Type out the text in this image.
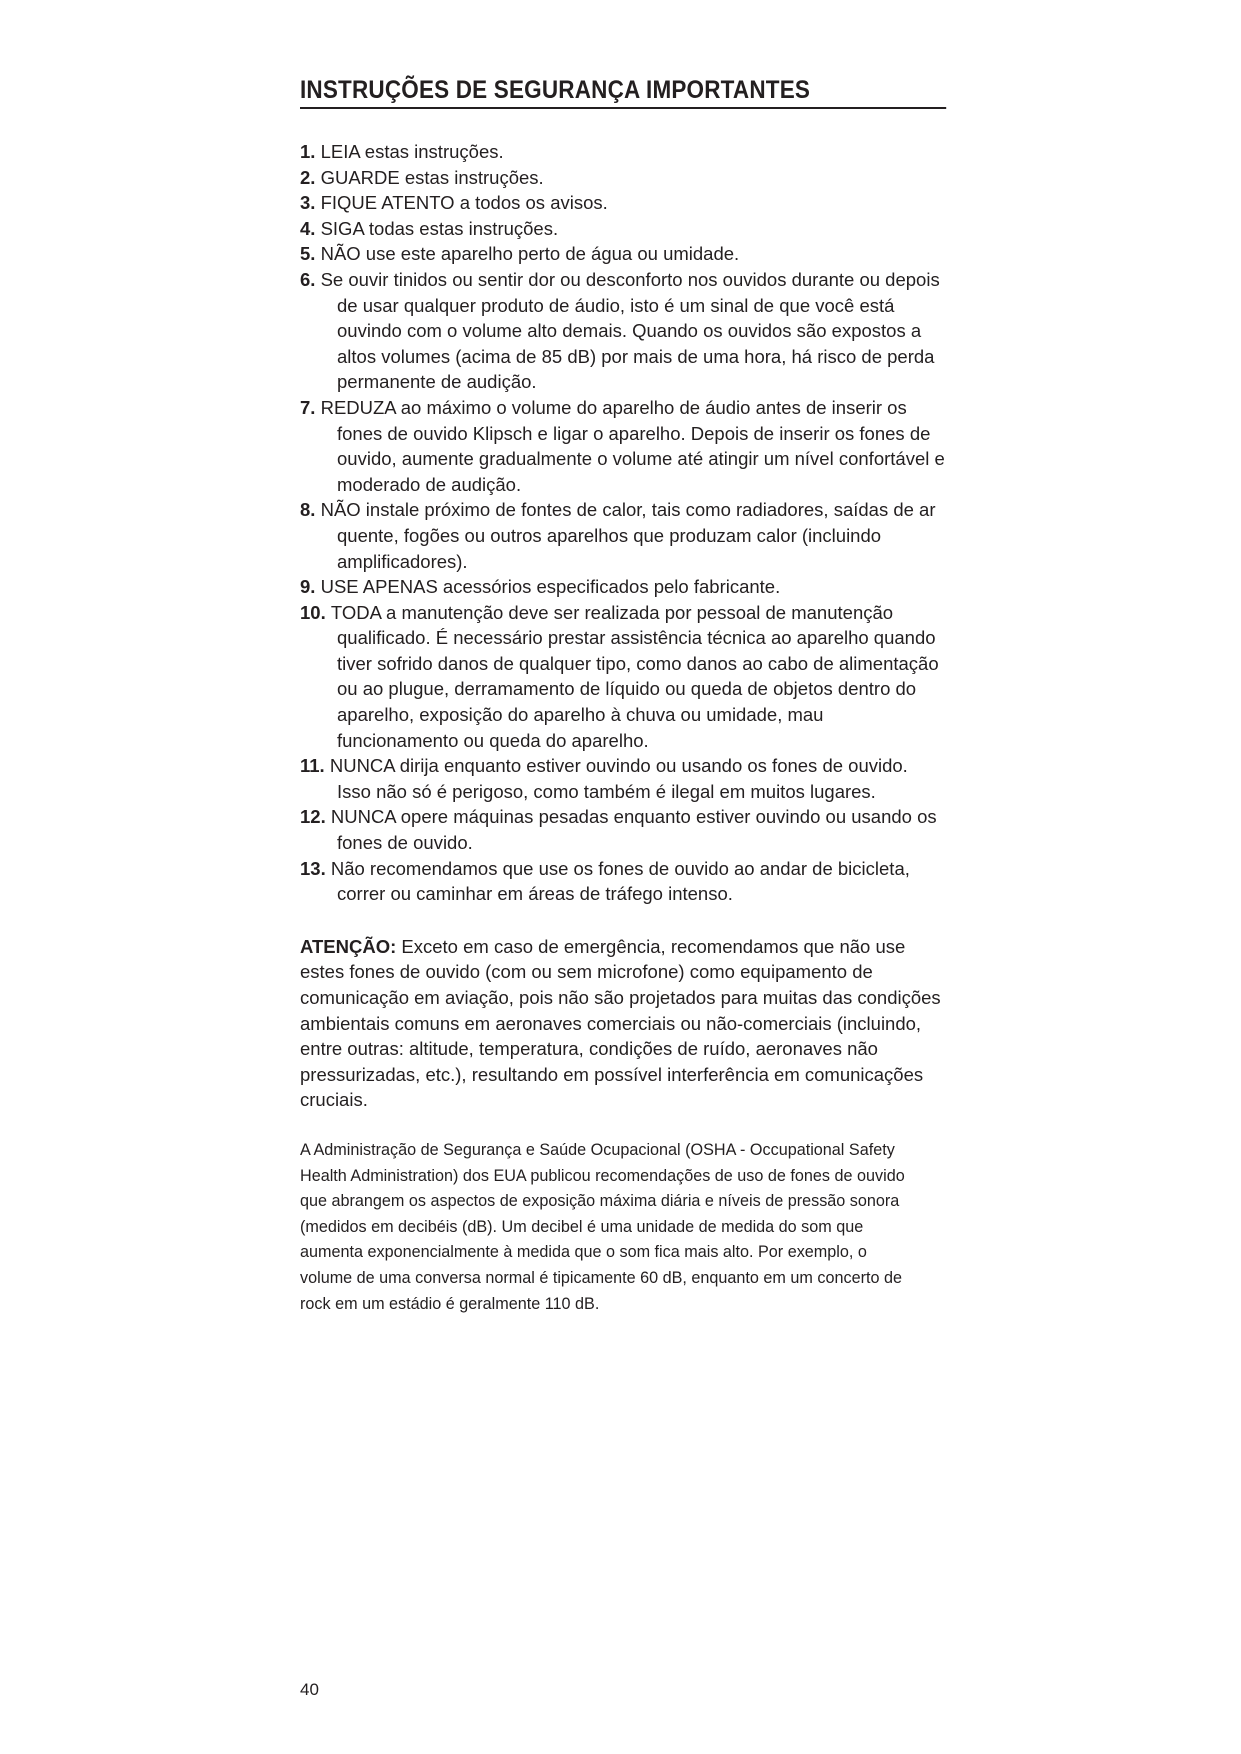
INSTRUÇÕES DE SEGURANÇA IMPORTANTES
1. LEIA estas instruções.
2. GUARDE estas instruções.
3. FIQUE ATENTO a todos os avisos.
4. SIGA todas estas instruções.
5. NÃO use este aparelho perto de água ou umidade.
6. Se ouvir tinidos ou sentir dor ou desconforto nos ouvidos durante ou depois de usar qualquer produto de áudio, isto é um sinal de que você está ouvindo com o volume alto demais. Quando os ouvidos são expostos a altos volumes (acima de 85 dB) por mais de uma hora, há risco de perda permanente de audição.
7. REDUZA ao máximo o volume do aparelho de áudio antes de inserir os fones de ouvido Klipsch e ligar o aparelho. Depois de inserir os fones de ouvido, aumente gradualmente o volume até atingir um nível confortável e moderado de audição.
8. NÃO instale próximo de fontes de calor, tais como radiadores, saídas de ar quente, fogões ou outros aparelhos que produzam calor (incluindo amplificadores).
9. USE APENAS acessórios especificados pelo fabricante.
10. TODA a manutenção deve ser realizada por pessoal de manutenção qualificado. É necessário prestar assistência técnica ao aparelho quando tiver sofrido danos de qualquer tipo, como danos ao cabo de alimentação ou ao plugue, derramamento de líquido ou queda de objetos dentro do aparelho, exposição do aparelho à chuva ou umidade, mau funcionamento ou queda do aparelho.
11. NUNCA dirija enquanto estiver ouvindo ou usando os fones de ouvido. Isso não só é perigoso, como também é ilegal em muitos lugares.
12. NUNCA opere máquinas pesadas enquanto estiver ouvindo ou usando os fones de ouvido.
13. Não recomendamos que use os fones de ouvido ao andar de bicicleta, correr ou caminhar em áreas de tráfego intenso.

ATENÇÃO: Exceto em caso de emergência, recomendamos que não use estes fones de ouvido (com ou sem microfone) como equipamento de comunicação em aviação, pois não são projetados para muitas das condições ambientais comuns em aeronaves comerciais ou não-comerciais (incluindo, entre outras: altitude, temperatura, condições de ruído, aeronaves não pressurizadas, etc.), resultando em possível interferência em comunicações cruciais.

A Administração de Segurança e Saúde Ocupacional (OSHA - Occupational Safety Health Administration) dos EUA publicou recomendações de uso de fones de ouvido que abrangem os aspectos de exposição máxima diária e níveis de pressão sonora (medidos em decibéis (dB). Um decibel é uma unidade de medida do som que aumenta exponencialmente à medida que o som fica mais alto. Por exemplo, o volume de uma conversa normal é tipicamente 60 dB, enquanto em um concerto de rock em um estádio é geralmente 110 dB.

40
